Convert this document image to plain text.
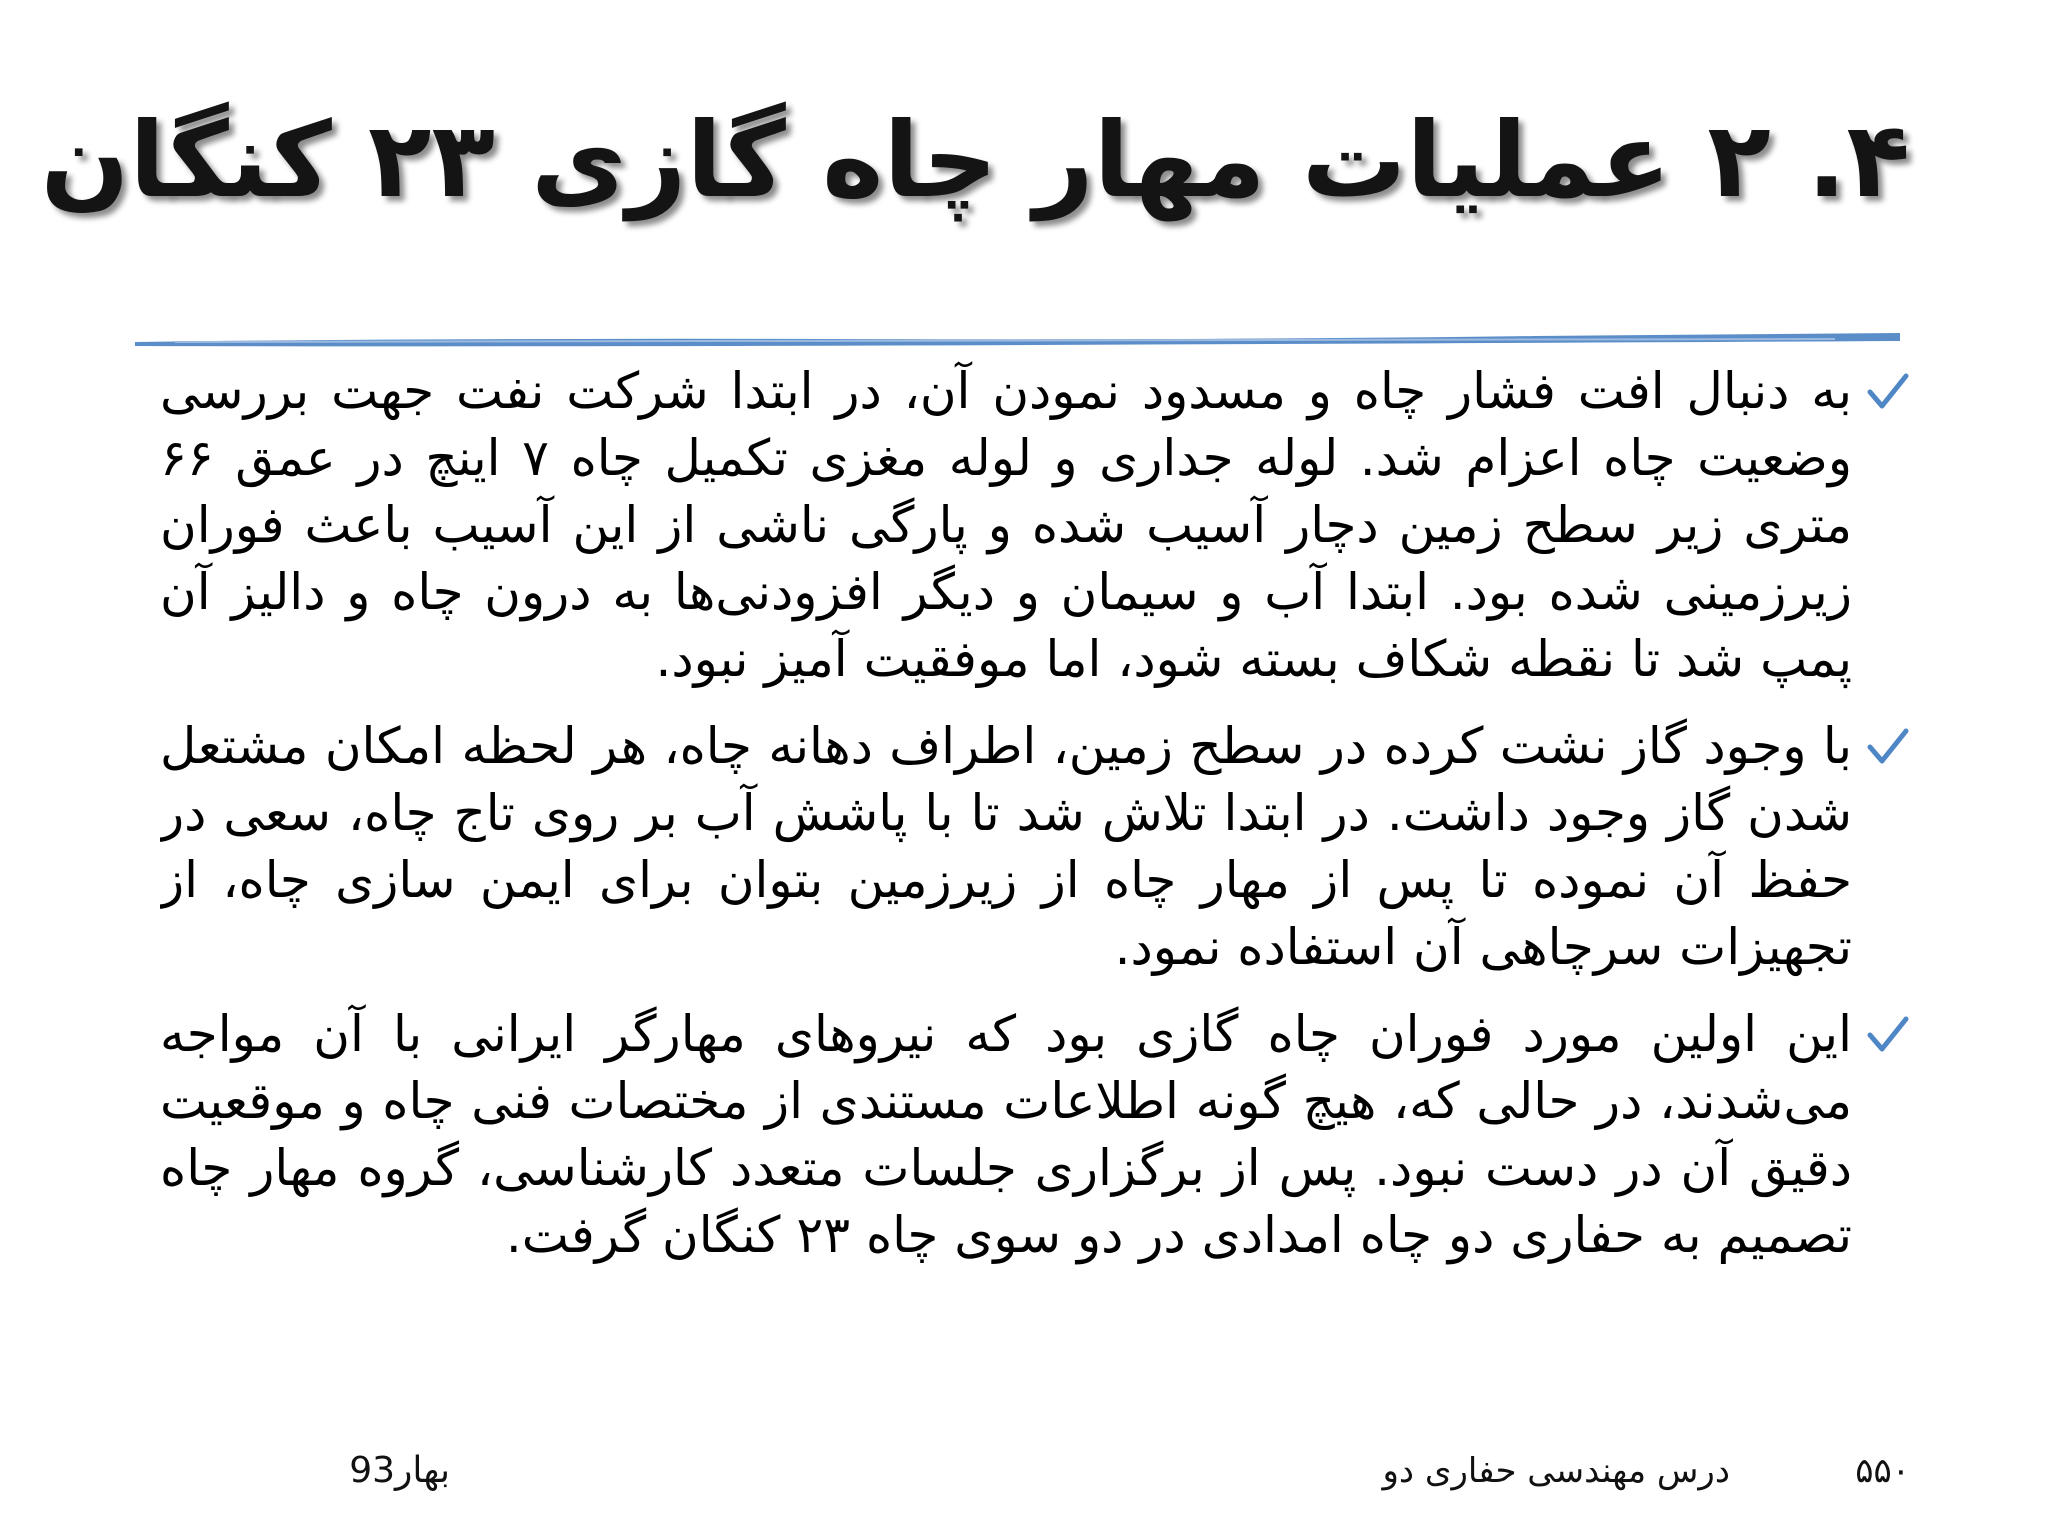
۴. ۲ عملیات مهار چاه گازی ۲۳ کنگان

به دنبال افت فشار چاه و مسدود نمودن آن، در ابتدا شرکت نفت جهت بررسی وضعیت چاه اعزام شد. لوله جداری و لوله مغزی تکمیل چاه ۷ اینچ در عمق ۶۶ متری زیر سطح زمین دچار آسیب شده و پارگی ناشی از این آسیب باعث فوران زیرزمینی شده بود. ابتدا آب و سیمان و دیگر افزودنی‌ها به درون چاه و دالیز آن پمپ شد تا نقطه شکاف بسته شود، اما موفقیت آمیز نبود.

با وجود گاز نشت کرده در سطح زمین، اطراف دهانه چاه، هر لحظه امکان مشتعل شدن گاز وجود داشت. در ابتدا تلاش شد تا با پاشش آب بر روی تاج چاه، سعی در حفظ آن نموده تا پس از مهار چاه از زیرزمین بتوان برای ایمن سازی چاه، از تجهیزات سرچاهی آن استفاده نمود.

این اولین مورد فوران چاه گازی بود که نیروهای مهارگر ایرانی با آن مواجه می‌شدند، در حالی که، هیچ گونه اطلاعات مستندی از مختصات فنی چاه و موقعیت دقیق آن در دست نبود. پس از برگزاری جلسات متعدد کارشناسی، گروه مهار چاه تصمیم به حفاری دو چاه امدادی در دو سوی چاه ۲۳ کنگان گرفت.

۵۵۰
درس مهندسی حفاری دو
بهار93
